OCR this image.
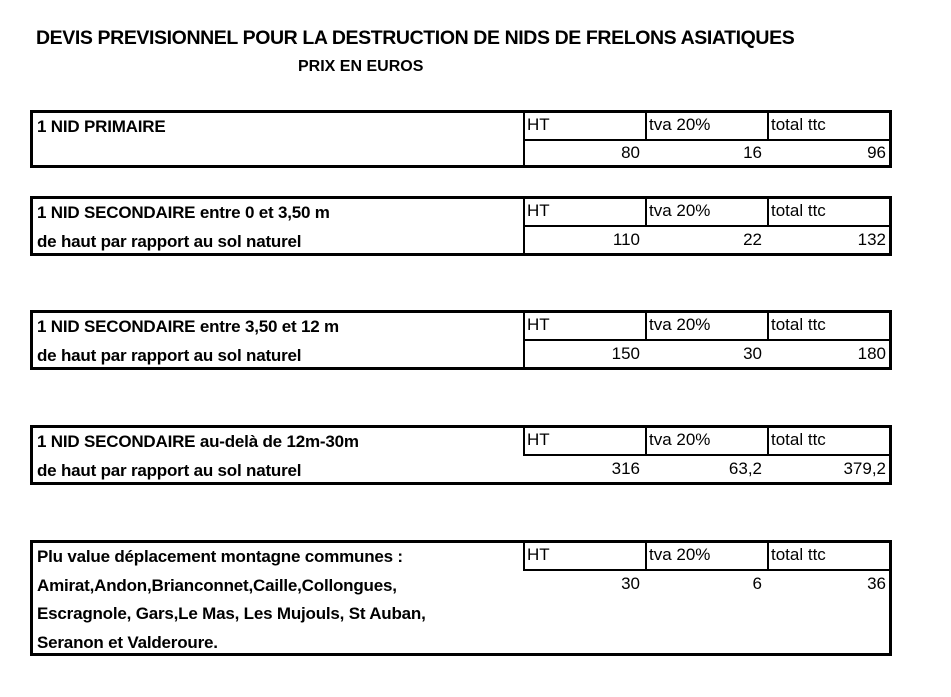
DEVIS PREVISIONNEL POUR LA DESTRUCTION DE NIDS DE FRELONS ASIATIQUES
PRIX EN EUROS
1 NID PRIMAIRE	HT	tva 20%	total ttc
80	16	96
1 NID SECONDAIRE entre 0 et 3,50 m
de haut par rapport au sol naturel
HT	tva 20%	total ttc
110	22	132
1 NID SECONDAIRE entre 3,50 et 12 m
de haut par rapport au sol naturel
HT	tva 20%	total ttc
150	30	180
1 NID SECONDAIRE au-delà de 12m-30m
de haut par rapport au sol naturel
HT	tva 20%	total ttc
316	63,2	379,2
Plu value déplacement montagne communes :
Amirat,Andon,Brianconnet,Caille,Collongues,
Escragnole, Gars,Le Mas, Les Mujouls, St Auban,
Seranon et Valderoure.
HT	tva 20%	total ttc
30	6	36
